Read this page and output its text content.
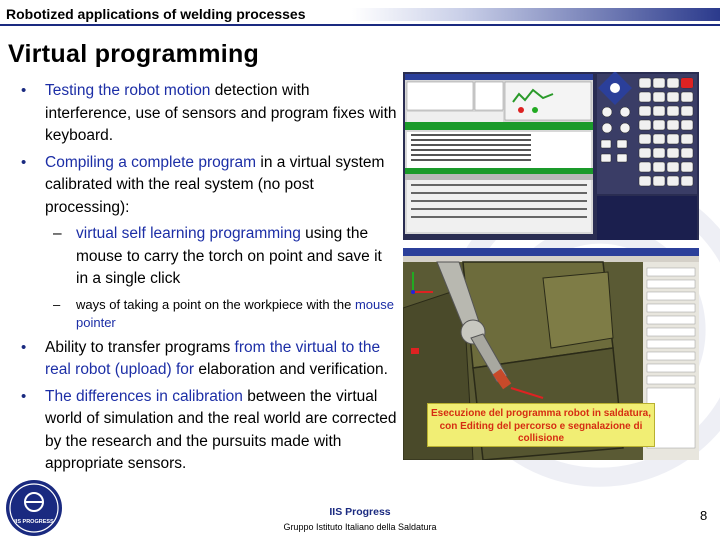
Robotized applications of welding processes
Virtual programming
• Testing the robot motion detection with interference, use of sensors and program fixes with keyboard.
• Compiling a complete program in a virtual system calibrated with the real system (no post processing):
– virtual self learning programming using the mouse to carry the torch on point and save it in a single click
– ways of taking a point on the workpiece with the mouse pointer
• Ability to transfer programs from the virtual to the real robot (upload) for elaboration and verification.
• The differences in calibration between the virtual world of simulation and the real world are corrected by the research and the pursuits made with appropriate sensors.
Esecuzione del programma robot in saldatura, con Editing del percorso e segnalazione di collisione
IIS PROGRESS
IIS Progress
Gruppo Istituto Italiano della Saldatura
8
